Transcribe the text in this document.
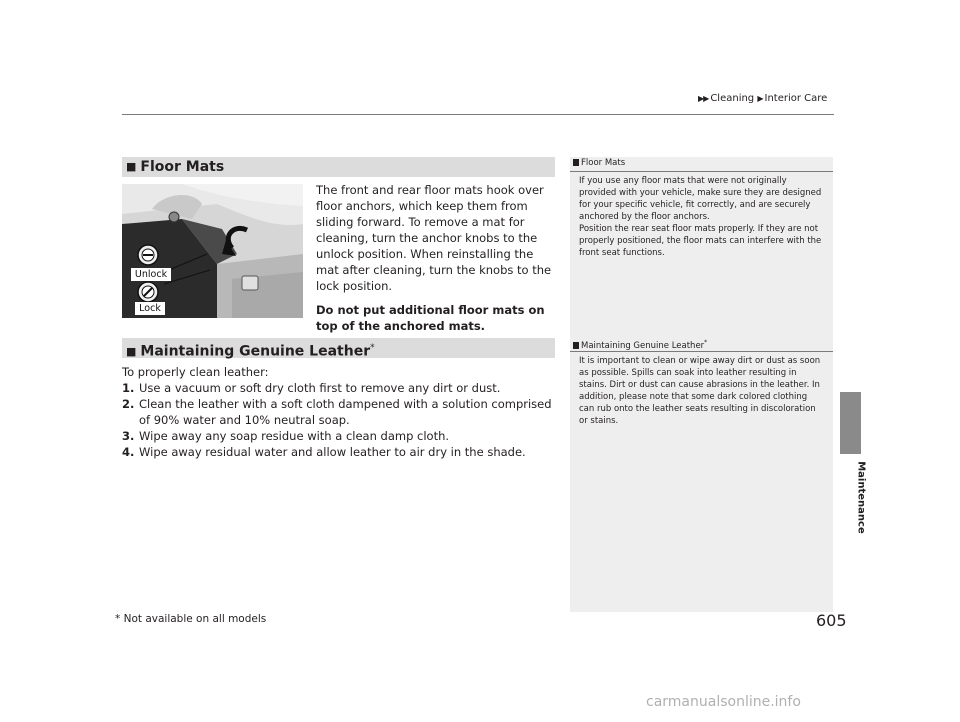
▶▶ Cleaning ▶ Interior Care
Maintenance
■ Floor Mats
Unlock
Lock

The front and rear floor mats hook over floor anchors, which keep them from sliding forward. To remove a mat for cleaning, turn the anchor knobs to the unlock position. When reinstalling the mat after cleaning, turn the knobs to the lock position.

Do not put additional floor mats on top of the anchored mats.

■ Maintaining Genuine Leather*
To properly clean leather:
1. Use a vacuum or soft dry cloth first to remove any dirt or dust.
2. Clean the leather with a soft cloth dampened with a solution comprised of 90% water and 10% neutral soap.
3. Wipe away any soap residue with a clean damp cloth.
4. Wipe away residual water and allow leather to air dry in the shade.
Floor Mats

If you use any floor mats that were not originally provided with your vehicle, make sure they are designed for your specific vehicle, fit correctly, and are securely anchored by the floor anchors.

Position the rear seat floor mats properly. If they are not properly positioned, the floor mats can interfere with the front seat functions.

Maintaining Genuine Leather*

It is important to clean or wipe away dirt or dust as soon as possible. Spills can soak into leather resulting in stains. Dirt or dust can cause abrasions in the leather. In addition, please note that some dark colored clothing can rub onto the leather seats resulting in discoloration or stains.

* Not available on all models	605
carmanualsonline.info
